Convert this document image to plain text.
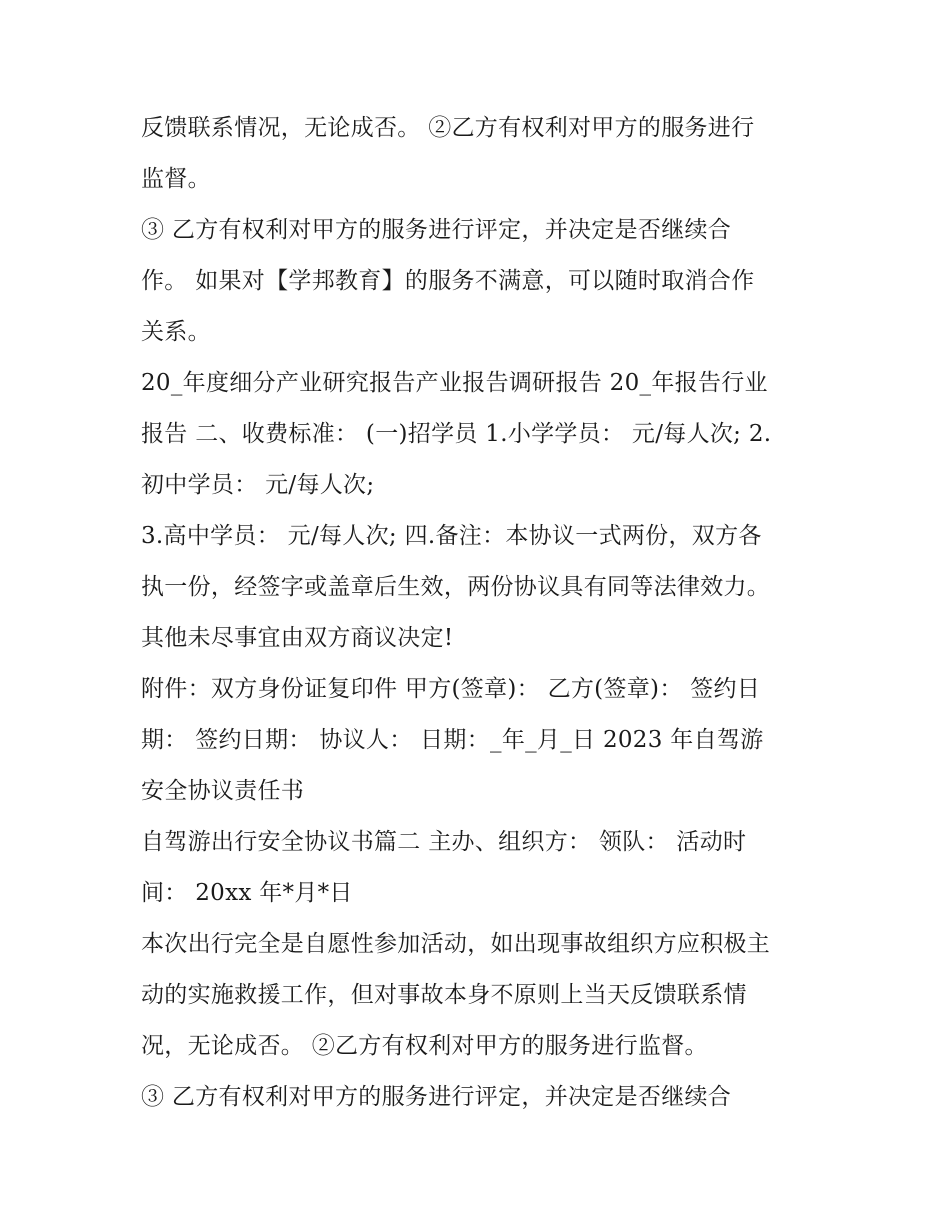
反馈联系情况，无论成否。 ②乙方有权利对甲方的服务进行
监督。
③ 乙方有权利对甲方的服务进行评定，并决定是否继续合
作。 如果对【学邦教育】的服务不满意，可以随时取消合作
关系。
20_年度细分产业研究报告产业报告调研报告 20_年报告行业
报告 二、收费标准： (一)招学员 1.小学学员： 元/每人次; 2.
初中学员： 元/每人次;
3.高中学员： 元/每人次; 四.备注：本协议一式两份，双方各
执一份，经签字或盖章后生效，两份协议具有同等法律效力。
其他未尽事宜由双方商议决定!
附件：双方身份证复印件 甲方(签章)： 乙方(签章)： 签约日
期： 签约日期： 协议人： 日期：_年_月_日 2023 年自驾游
安全协议责任书
自驾游出行安全协议书篇二 主办、组织方： 领队： 活动时
间： 20xx 年*月*日
本次出行完全是自愿性参加活动，如出现事故组织方应积极主
动的实施救援工作，但对事故本身不原则上当天反馈联系情
况，无论成否。 ②乙方有权利对甲方的服务进行监督。
③ 乙方有权利对甲方的服务进行评定，并决定是否继续合
